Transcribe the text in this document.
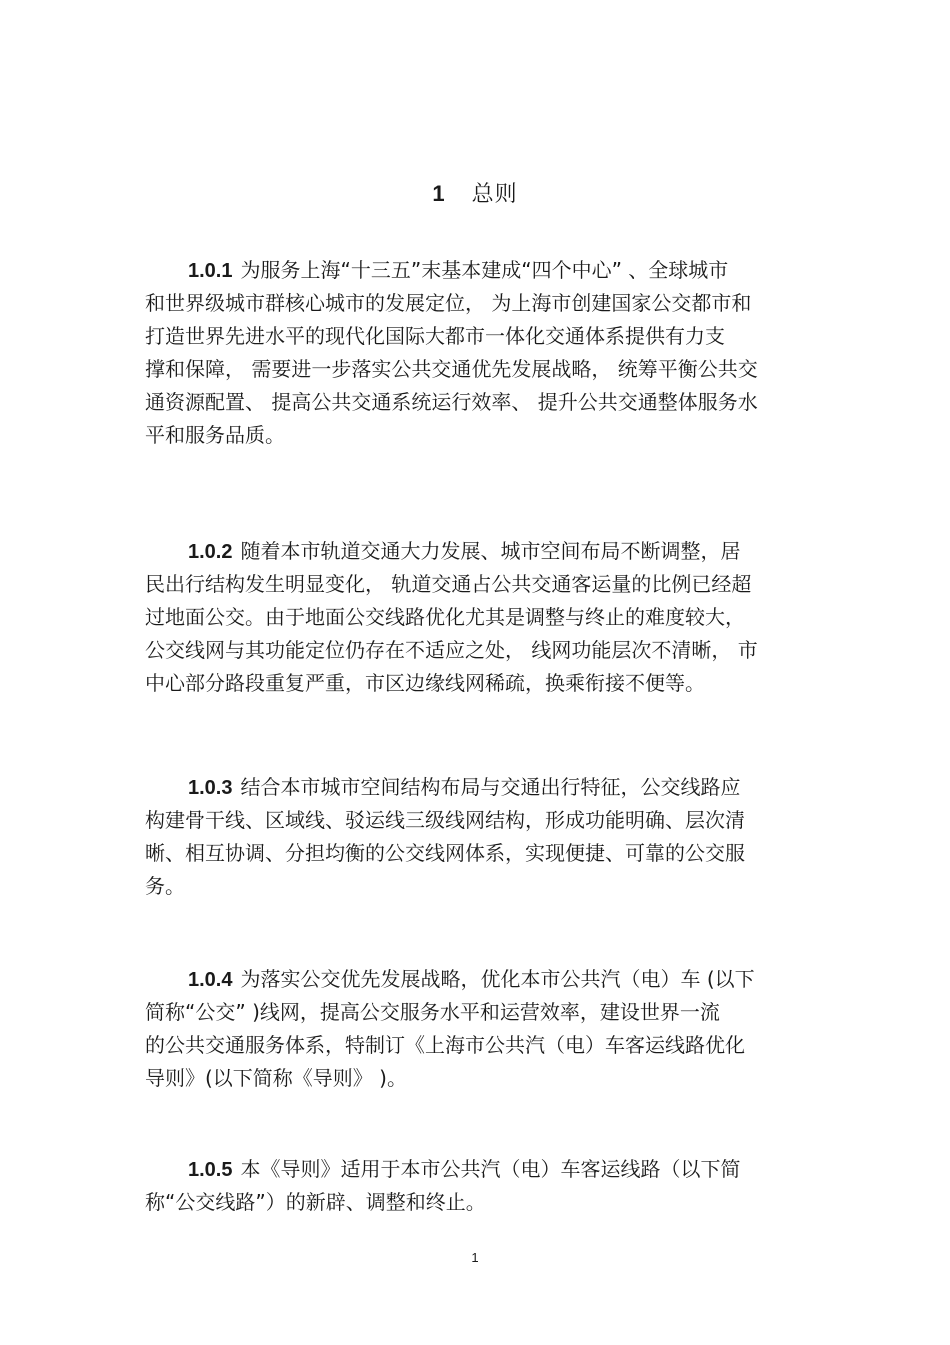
1 总则
1.0.1 为服务上海“十三五”末基本建成“四个中心” 、全球城市
和世界级城市群核心城市的发展定位， 为上海市创建国家公交都市和
打造世界先进水平的现代化国际大都市一体化交通体系提供有力支
撑和保障， 需要进一步落实公共交通优先发展战略， 统筹平衡公共交
通资源配置、 提高公共交通系统运行效率、 提升公共交通整体服务水
平和服务品质。
1.0.2 随着本市轨道交通大力发展、城市空间布局不断调整，居
民出行结构发生明显变化， 轨道交通占公共交通客运量的比例已经超
过地面公交。由于地面公交线路优化尤其是调整与终止的难度较大，
公交线网与其功能定位仍存在不适应之处， 线网功能层次不清晰， 市
中心部分路段重复严重，市区边缘线网稀疏，换乘衔接不便等。
1.0.3 结合本市城市空间结构布局与交通出行特征，公交线路应
构建骨干线、区域线、驳运线三级线网结构，形成功能明确、层次清
晰、相互协调、分担均衡的公交线网体系，实现便捷、可靠的公交服
务。
1.0.4 为落实公交优先发展战略，优化本市公共汽（电）车 (以下
简称“公交” )线网，提高公交服务水平和运营效率，建设世界一流
的公共交通服务体系，特制订《上海市公共汽（电）车客运线路优化
导则》(以下简称《导则》 )。
1.0.5 本《导则》适用于本市公共汽（电）车客运线路（以下简
称“公交线路”）的新辟、调整和终止。
1
